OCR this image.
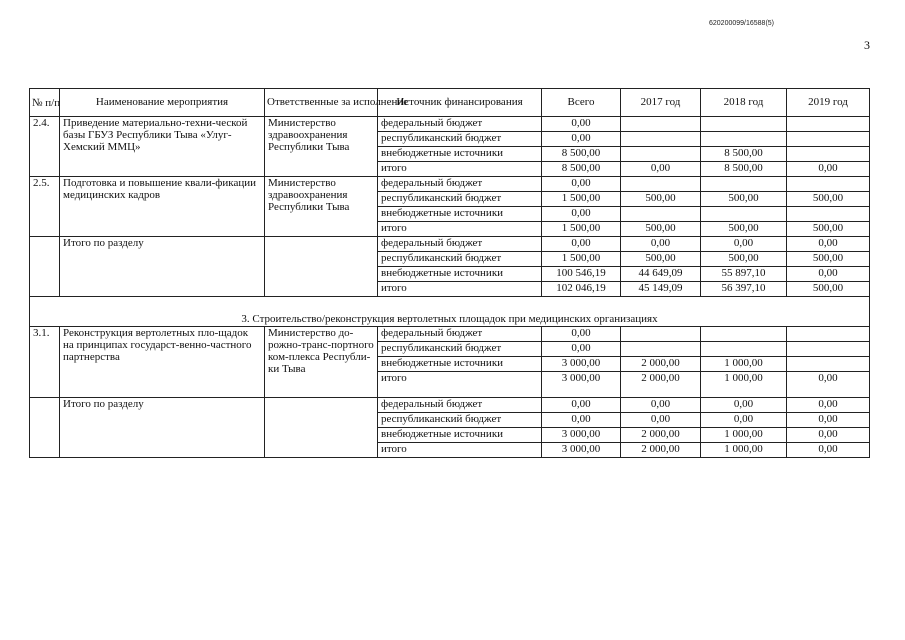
620200099/16588(5)
3
№ п/п	Наименование мероприятия	Ответственные за исполнение	Источник финансирования	Всего	2017 год	2018 год	2019 год
2.4.	Приведение материально-техни-ческой базы ГБУЗ Республики Тыва «Улуг-Хемский ММЦ»	Министерство здравоохранения Республики Тыва	федеральный бюджет	0,00			
			республиканский бюджет	0,00			
			внебюджетные источники	8 500,00		8 500,00	
			итого	8 500,00	0,00	8 500,00	0,00
2.5.	Подготовка и повышение квали-фикации медицинских кадров	Министерство здравоохранения Республики Тыва	федеральный бюджет	0,00			
			республиканский бюджет	1 500,00	500,00	500,00	500,00
			внебюджетные источники	0,00			
			итого	1 500,00	500,00	500,00	500,00
	Итого по разделу		федеральный бюджет	0,00	0,00	0,00	0,00
			республиканский бюджет	1 500,00	500,00	500,00	500,00
			внебюджетные источники	100 546,19	44 649,09	55 897,10	0,00
			итого	102 046,19	45 149,09	56 397,10	500,00
3. Строительство/реконструкция вертолетных площадок при медицинских организациях							
3.1.	Реконструкция вертолетных пло-щадок на принципах государст-венно-частного партнерства	Министерство до-рожно-транс-портного ком-плекса Республи-ки Тыва	федеральный бюджет	0,00			
			республиканский бюджет	0,00			
			внебюджетные источники	3 000,00	2 000,00	1 000,00	
			итого	3 000,00	2 000,00	1 000,00	0,00
	Итого по разделу		федеральный бюджет	0,00	0,00	0,00	0,00
			республиканский бюджет	0,00	0,00	0,00	0,00
			внебюджетные источники	3 000,00	2 000,00	1 000,00	0,00
			итого	3 000,00	2 000,00	1 000,00	0,00
